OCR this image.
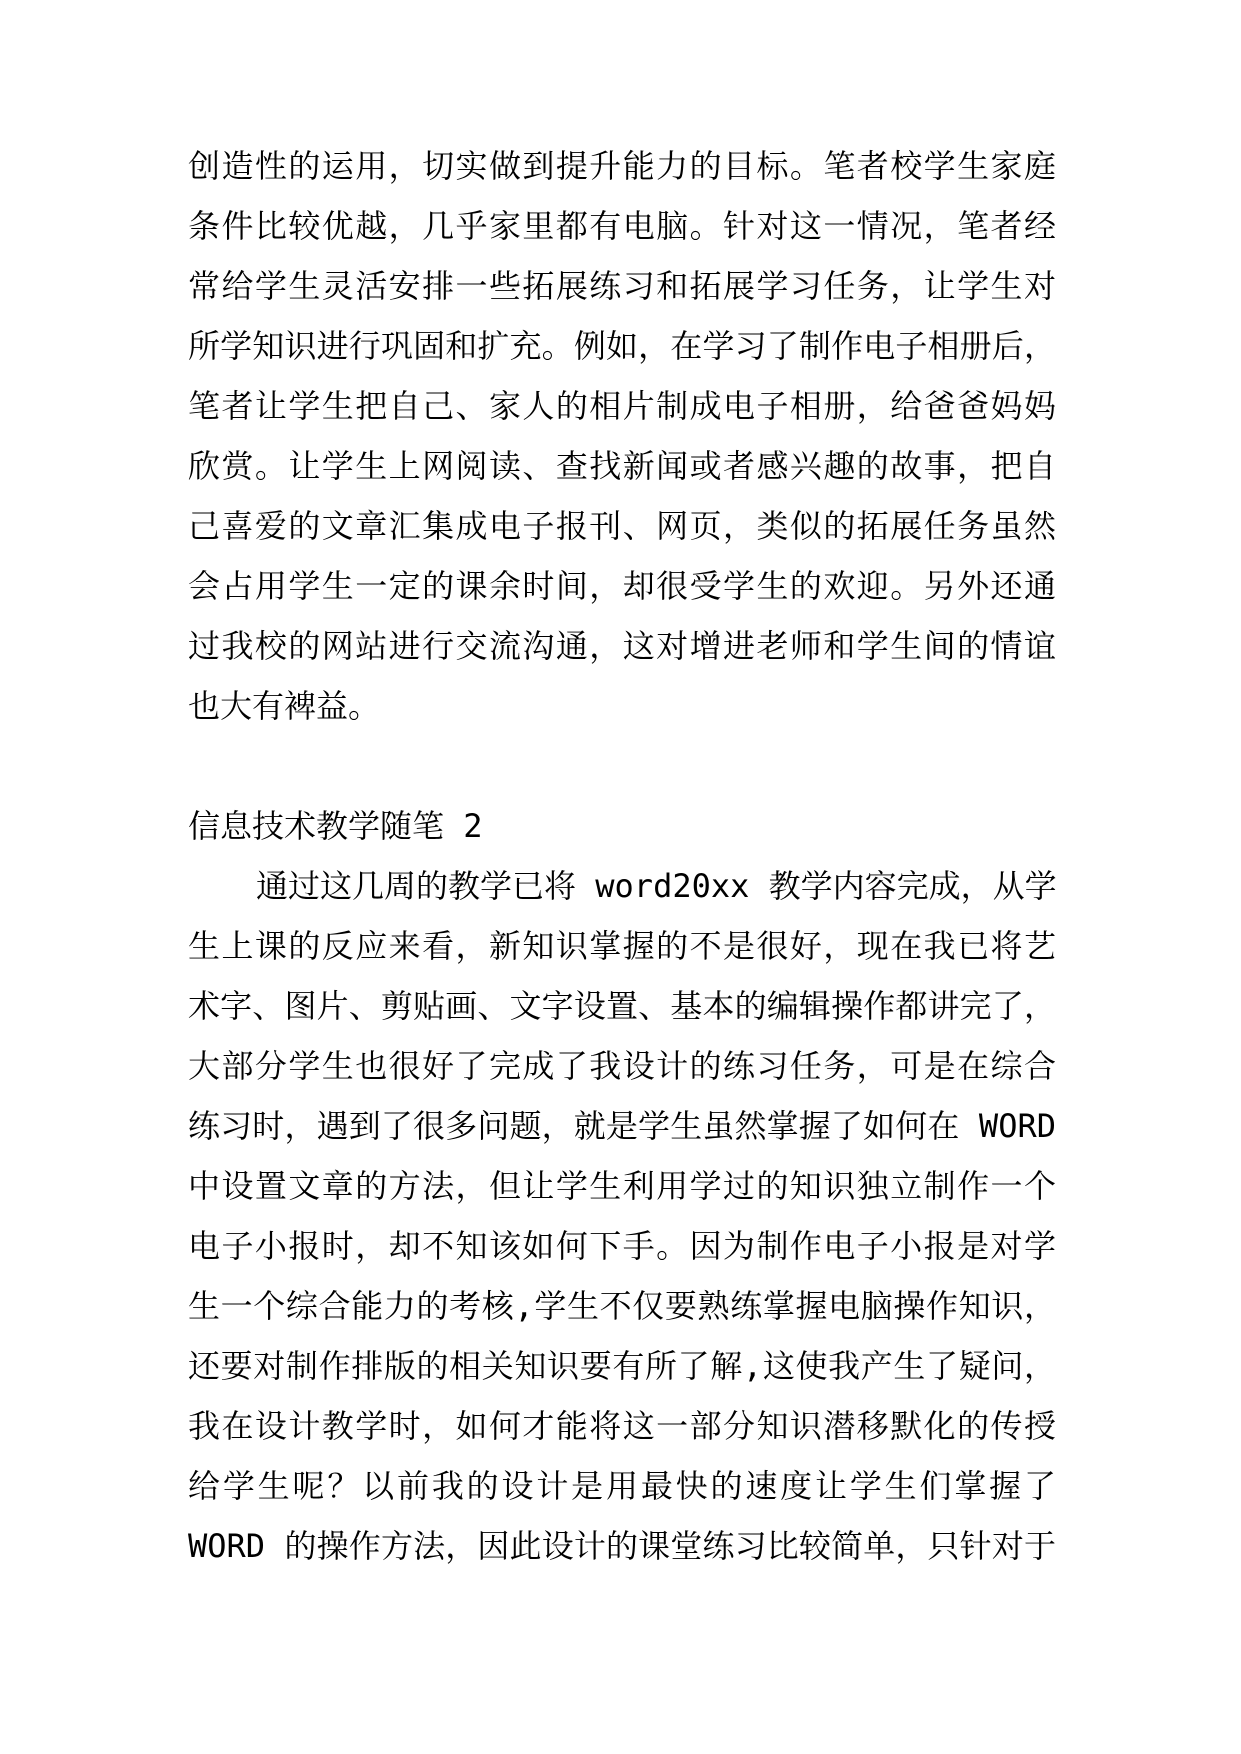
创造性的运用，切实做到提升能力的目标。笔者校学生家庭
条件比较优越，几乎家里都有电脑。针对这一情况，笔者经
常给学生灵活安排一些拓展练习和拓展学习任务，让学生对
所学知识进行巩固和扩充。例如，在学习了制作电子相册后，
笔者让学生把自己、家人的相片制成电子相册，给爸爸妈妈
欣赏。让学生上网阅读、查找新闻或者感兴趣的故事，把自
己喜爱的文章汇集成电子报刊、网页，类似的拓展任务虽然
会占用学生一定的课余时间，却很受学生的欢迎。另外还通
过我校的网站进行交流沟通，这对增进老师和学生间的情谊
也大有裨益。
信息技术教学随笔 2
通过这几周的教学已将 word20xx 教学内容完成，从学
生上课的反应来看，新知识掌握的不是很好，现在我已将艺
术字、图片、剪贴画、文字设置、基本的编辑操作都讲完了，
大部分学生也很好了完成了我设计的练习任务，可是在综合
练习时，遇到了很多问题，就是学生虽然掌握了如何在 WORD
中设置文章的方法，但让学生利用学过的知识独立制作一个
电子小报时，却不知该如何下手。因为制作电子小报是对学
生一个综合能力的考核,学生不仅要熟练掌握电脑操作知识，
还要对制作排版的相关知识要有所了解,这使我产生了疑问，
我在设计教学时，如何才能将这一部分知识潜移默化的传授
给学生呢？以前我的设计是用最快的速度让学生们掌握了
WORD 的操作方法，因此设计的课堂练习比较简单，只针对于
